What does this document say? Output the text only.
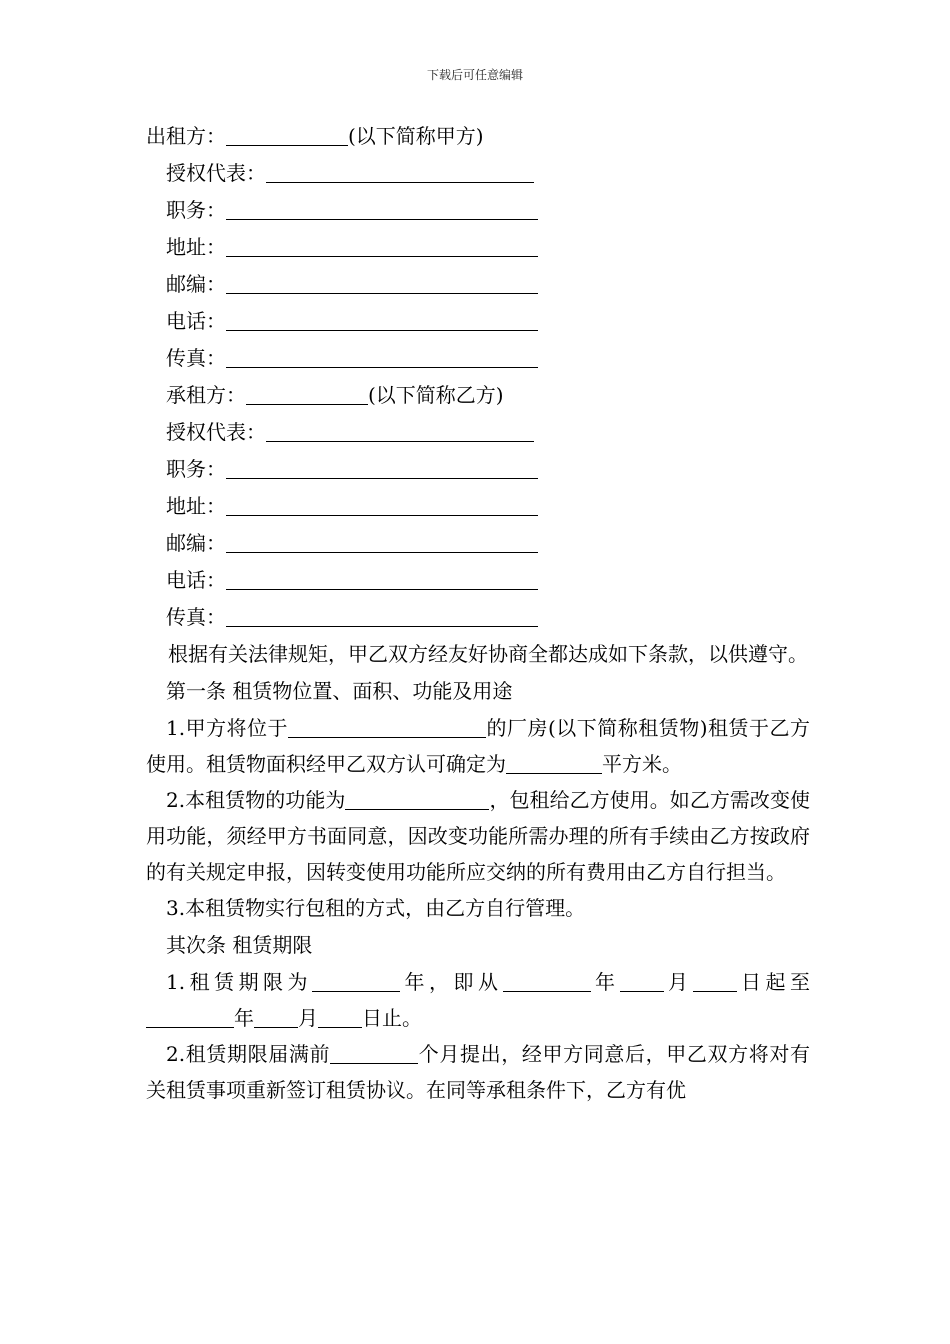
下载后可任意编辑
出租方：	(以下简称甲方)
授权代表：
职务：
地址：
邮编：
电话：
传真：
承租方：	(以下简称乙方)
授权代表：
职务：
地址：
邮编：
电话：
传真：
根据有关法律规矩，甲乙双方经友好协商全都达成如下条款，以供遵守。
第一条 租赁物位置、面积、功能及用途
1.甲方将位于	的厂房(以下简称租赁物)租赁于乙方使用。租赁物面积经甲乙双方认可确定为	平方米。
2.本租赁物的功能为	，包租给乙方使用。如乙方需改变使用功能，须经甲方书面同意，因改变功能所需办理的所有手续由乙方按政府的有关规定申报，因转变使用功能所应交纳的所有费用由乙方自行担当。
3.本租赁物实行包租的方式，由乙方自行管理。
其次条 租赁期限
1.租赁期限为	年，即从	年 月 日起至年 月 日止。
2.租赁期限届满前	个月提出，经甲方同意后，甲乙双方将对有关租赁事项重新签订租赁协议。在同等承租条件下，乙方有优
